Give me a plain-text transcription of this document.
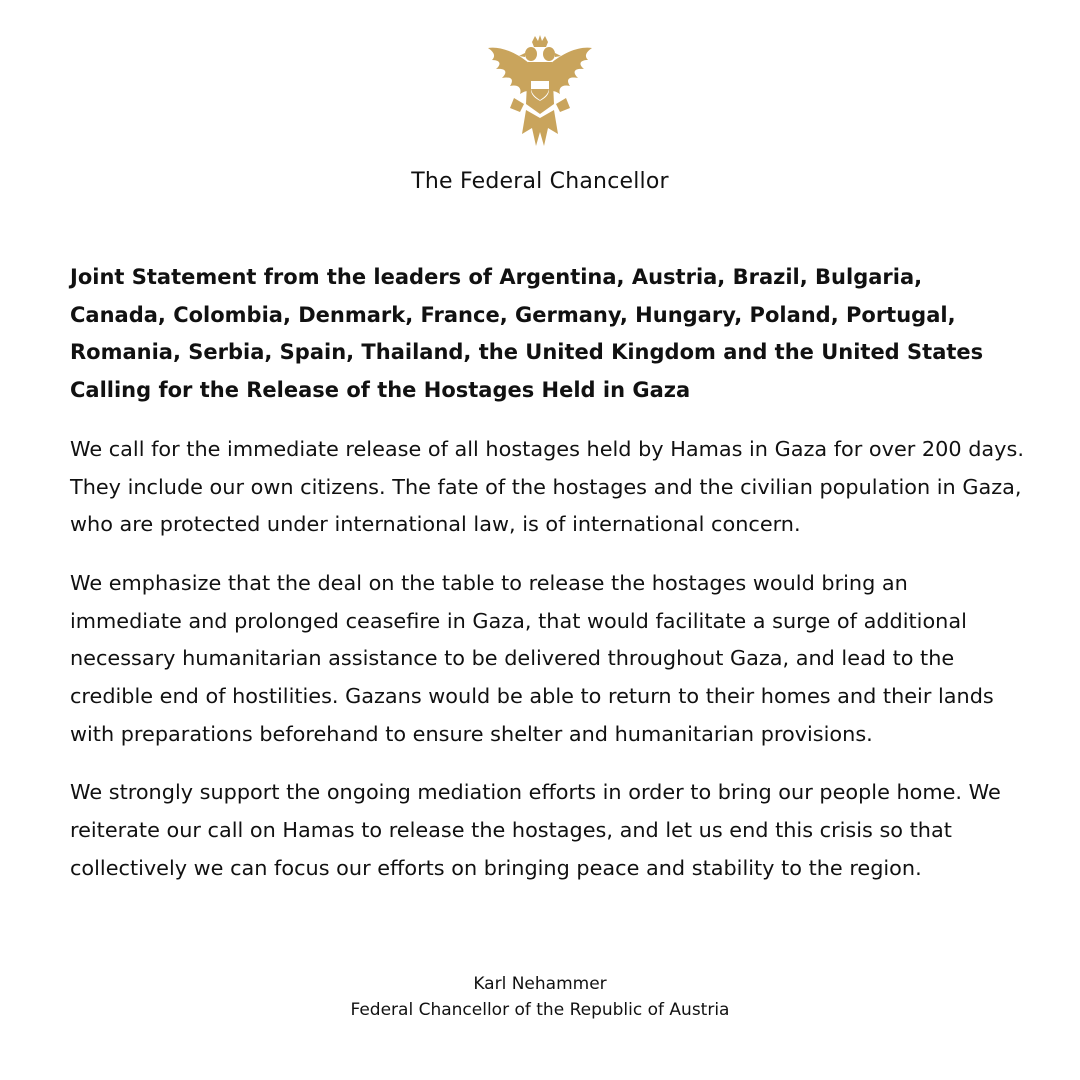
The Federal Chancellor

Joint Statement from the leaders of Argentina, Austria, Brazil, Bulgaria, Canada, Colombia, Denmark, France, Germany, Hungary, Poland, Portugal, Romania, Serbia, Spain, Thailand, the United Kingdom and the United States Calling for the Release of the Hostages Held in Gaza

We call for the immediate release of all hostages held by Hamas in Gaza for over 200 days. They include our own citizens. The fate of the hostages and the civilian population in Gaza, who are protected under international law, is of international concern.

We emphasize that the deal on the table to release the hostages would bring an immediate and prolonged ceasefire in Gaza, that would facilitate a surge of additional necessary humanitarian assistance to be delivered throughout Gaza, and lead to the credible end of hostilities. Gazans would be able to return to their homes and their lands with preparations beforehand to ensure shelter and humanitarian provisions.

We strongly support the ongoing mediation efforts in order to bring our people home. We reiterate our call on Hamas to release the hostages, and let us end this crisis so that collectively we can focus our efforts on bringing peace and stability to the region.

Karl Nehammer
Federal Chancellor of the Republic of Austria
